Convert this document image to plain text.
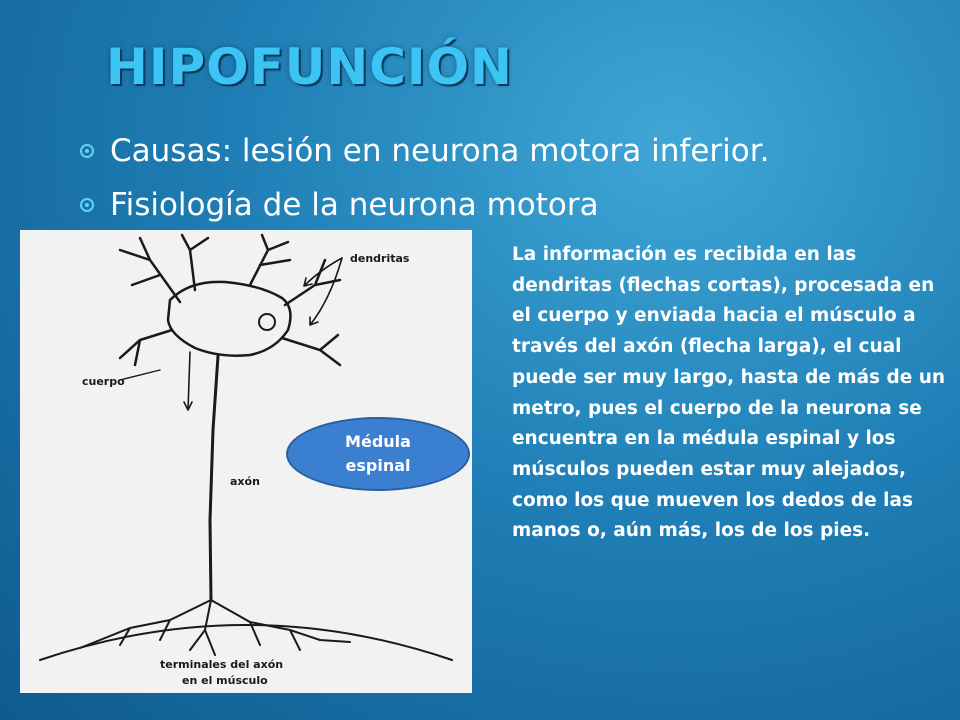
HIPOFUNCIÓN
Causas: lesión en neurona motora inferior.
Fisiología de la neurona motora
dendritas
cuerpo
axón
terminales del axón
en el músculo
Médula
espinal
La información es recibida en las dendritas (flechas cortas), procesada en el cuerpo y enviada hacia el músculo a través del axón (flecha larga), el cual puede ser muy largo, hasta de más de un metro, pues el cuerpo de la neurona se encuentra en la médula espinal y los músculos pueden estar muy alejados, como los que mueven los dedos de las manos o, aún más, los de los pies.
